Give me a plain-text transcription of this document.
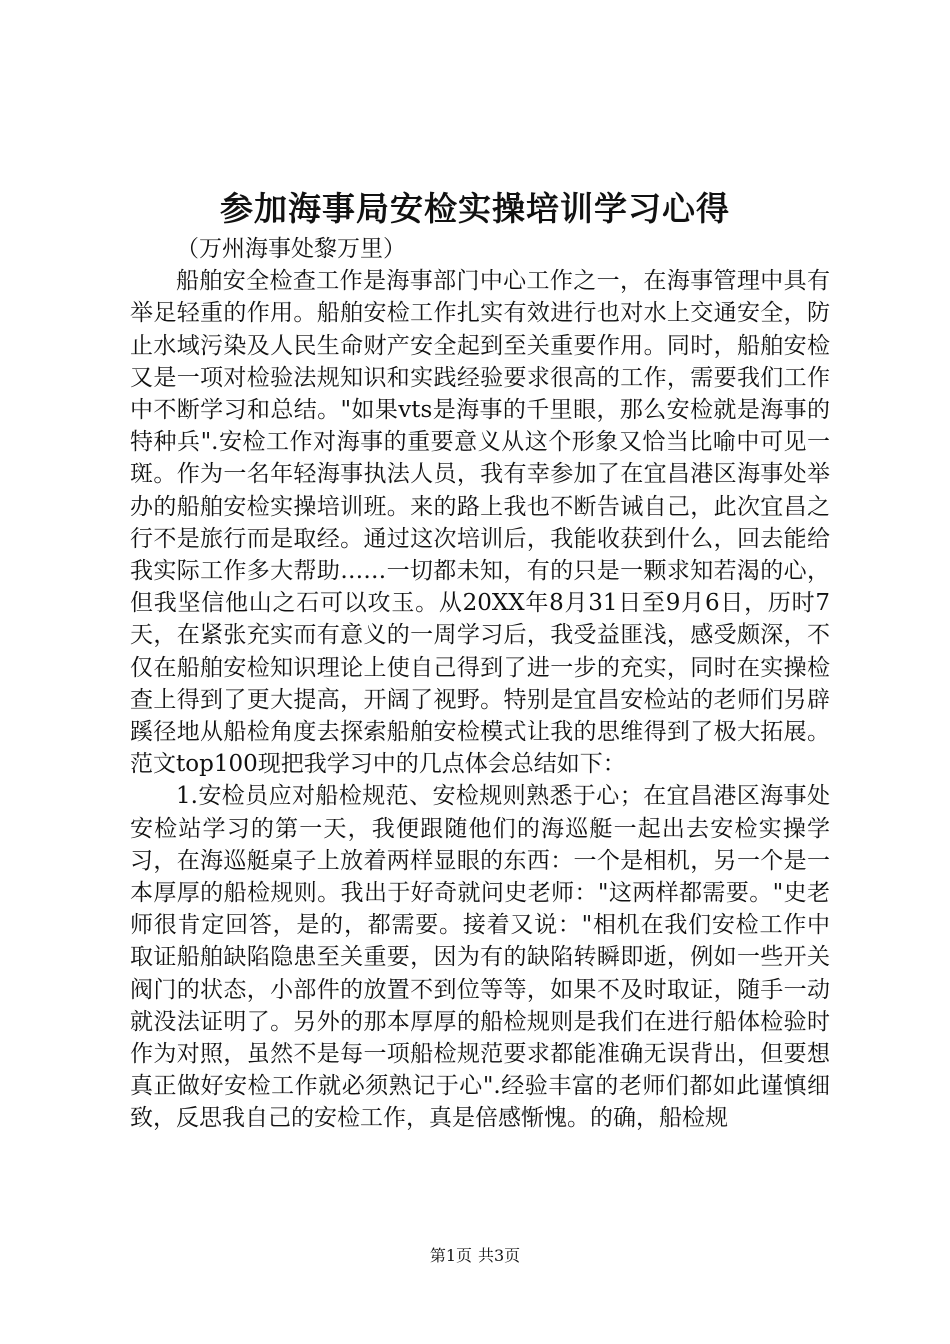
参加海事局安检实操培训学习心得

（万州海事处黎万里）

船舶安全检查工作是海事部门中心工作之一，在海事管理中具有举足轻重的作用。船舶安检工作扎实有效进行也对水上交通安全，防止水域污染及人民生命财产安全起到至关重要作用。同时，船舶安检又是一项对检验法规知识和实践经验要求很高的工作，需要我们工作中不断学习和总结。"如果vts是海事的千里眼，那么安检就是海事的特种兵".安检工作对海事的重要意义从这个形象又恰当比喻中可见一斑。作为一名年轻海事执法人员，我有幸参加了在宜昌港区海事处举办的船舶安检实操培训班。来的路上我也不断告诫自己，此次宜昌之行不是旅行而是取经。通过这次培训后，我能收获到什么，回去能给我实际工作多大帮助……一切都未知，有的只是一颗求知若渴的心，但我坚信他山之石可以攻玉。从20XX年8月31日至9月6日，历时7天，在紧张充实而有意义的一周学习后，我受益匪浅，感受颇深，不仅在船舶安检知识理论上使自己得到了进一步的充实，同时在实操检查上得到了更大提高，开阔了视野。特别是宜昌安检站的老师们另辟蹊径地从船检角度去探索船舶安检模式让我的思维得到了极大拓展。范文top100现把我学习中的几点体会总结如下：

1.安检员应对船检规范、安检规则熟悉于心；在宜昌港区海事处安检站学习的第一天，我便跟随他们的海巡艇一起出去安检实操学习，在海巡艇桌子上放着两样显眼的东西：一个是相机，另一个是一本厚厚的船检规则。我出于好奇就问史老师："这两样都需要。"史老师很肯定回答，是的，都需要。接着又说："相机在我们安检工作中取证船舶缺陷隐患至关重要，因为有的缺陷转瞬即逝，例如一些开关阀门的状态，小部件的放置不到位等等，如果不及时取证，随手一动就没法证明了。另外的那本厚厚的船检规则是我们在进行船体检验时作为对照，虽然不是每一项船检规范要求都能准确无误背出，但要想真正做好安检工作就必须熟记于心".经验丰富的老师们都如此谨慎细致，反思我自己的安检工作，真是倍感惭愧。的确，船检规

第1页 共3页
